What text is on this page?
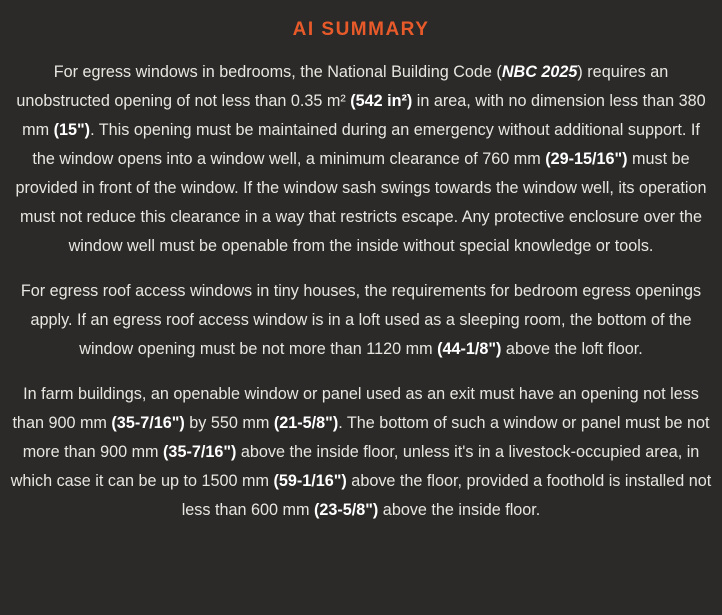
AI SUMMARY

For egress windows in bedrooms, the National Building Code (NBC 2025) requires an unobstructed opening of not less than 0.35 m² (542 in²) in area, with no dimension less than 380 mm (15"). This opening must be maintained during an emergency without additional support. If the window opens into a window well, a minimum clearance of 760 mm (29-15/16") must be provided in front of the window. If the window sash swings towards the window well, its operation must not reduce this clearance in a way that restricts escape. Any protective enclosure over the window well must be openable from the inside without special knowledge or tools.

For egress roof access windows in tiny houses, the requirements for bedroom egress openings apply. If an egress roof access window is in a loft used as a sleeping room, the bottom of the window opening must be not more than 1120 mm (44-1/8") above the loft floor.

In farm buildings, an openable window or panel used as an exit must have an opening not less than 900 mm (35-7/16") by 550 mm (21-5/8"). The bottom of such a window or panel must be not more than 900 mm (35-7/16") above the inside floor, unless it's in a livestock-occupied area, in which case it can be up to 1500 mm (59-1/16") above the floor, provided a foothold is installed not less than 600 mm (23-5/8") above the inside floor.
